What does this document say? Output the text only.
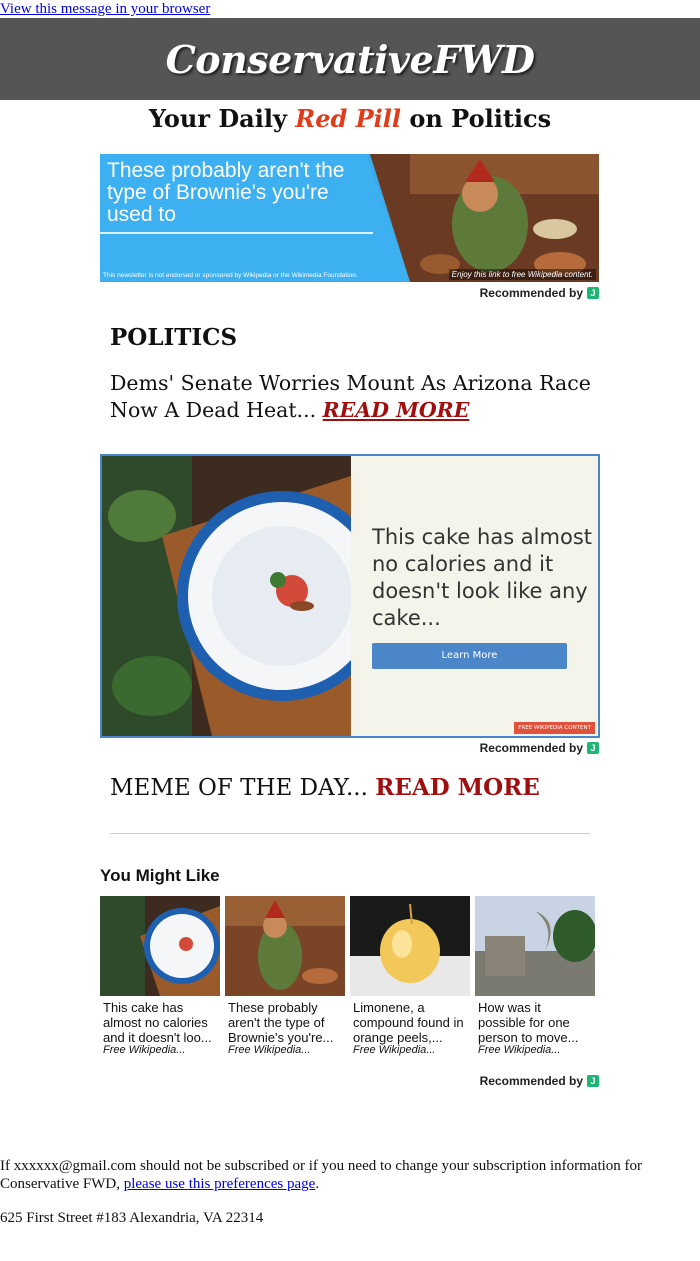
View this message in your browser
ConservativeFWD
Your Daily Red Pill on Politics
These probably aren't the type of Brownie's you're used to
This newsletter is not endorsed or sponsored by Wikipedia or the Wikimedia Foundation.	Enjoy this link to free Wikipedia content.
Recommended by J
POLITICS
Dems' Senate Worries Mount As Arizona Race Now A Dead Heat... READ MORE
This cake has almost no calories and it doesn't look like any cake...
Learn More
FREE WIKIPEDIA CONTENT
Recommended by J
MEME OF THE DAY... READ MORE
You Might Like
This cake has almost no calories and it doesn't loo...
Free Wikipedia...
These probably aren't the type of Brownie's you're...
Free Wikipedia...
Limonene, a compound found in orange peels,...
Free Wikipedia...
How was it possible for one person to move...
Free Wikipedia...
Recommended by J
If xxxxxx@gmail.com should not be subscribed or if you need to change your subscription information for Conservative FWD, please use this preferences page.
625 First Street #183 Alexandria, VA 22314
